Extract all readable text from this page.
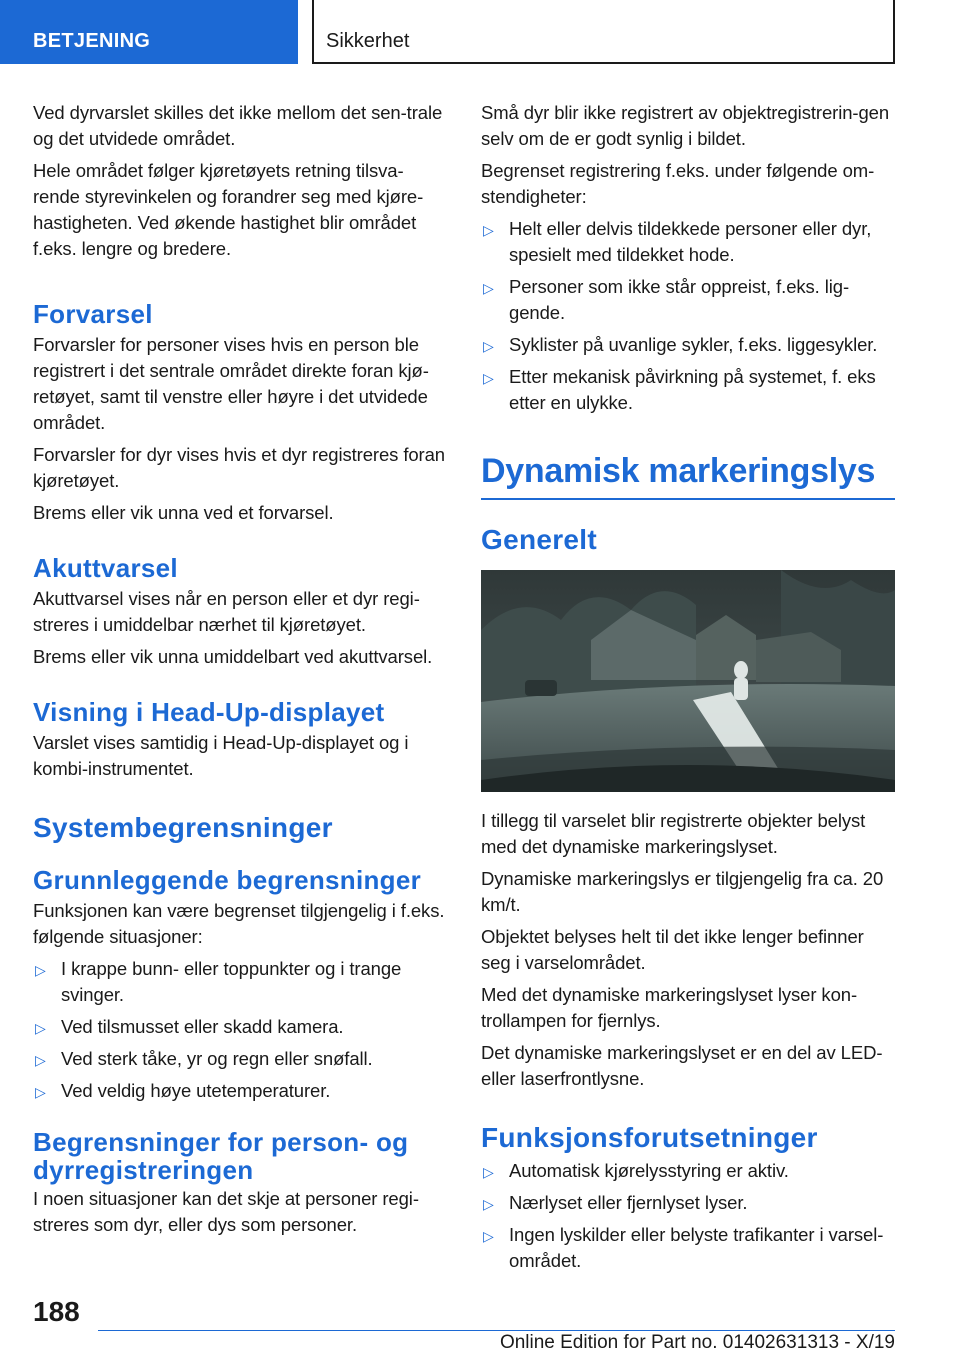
BETJENING	Sikkerhet

Ved dyrvarslet skilles det ikke mellom det sen-trale og det utvidede området.

Hele området følger kjøretøyets retning tilsva-rende styrevinkelen og forandrer seg med kjøre-hastigheten. Ved økende hastighet blir området f.eks. lengre og bredere.

Forvarsel

Forvarsler for personer vises hvis en person ble registrert i det sentrale området direkte foran kjø-retøyet, samt til venstre eller høyre i det utvidede området.

Forvarsler for dyr vises hvis et dyr registreres foran kjøretøyet.

Brems eller vik unna ved et forvarsel.

Akuttvarsel

Akuttvarsel vises når en person eller et dyr regi-streres i umiddelbar nærhet til kjøretøyet.

Brems eller vik unna umiddelbart ved akuttvarsel.

Visning i Head-Up-displayet

Varslet vises samtidig i Head-Up-displayet og i kombi-instrumentet.

Systembegrensninger
Grunnleggende begrensninger

Funksjonen kan være begrenset tilgjengelig i f.eks. følgende situasjoner:

▷ I krappe bunn- eller toppunkter og i trange svinger.
▷ Ved tilsmusset eller skadd kamera.
▷ Ved sterk tåke, yr og regn eller snøfall.
▷ Ved veldig høye utetemperaturer.
Begrensninger for person- og dyrregistreringen

I noen situasjoner kan det skje at personer regi-streres som dyr, eller dys som personer.

Små dyr blir ikke registrert av objektregistrerin-gen selv om de er godt synlig i bildet.

Begrenset registrering f.eks. under følgende om-stendigheter:

▷ Helt eller delvis tildekkede personer eller dyr, spesielt med tildekket hode.
▷ Personer som ikke står oppreist, f.eks. lig-gende.
▷ Syklister på uvanlige sykler, f.eks. liggesykler.
▷ Etter mekanisk påvirkning på systemet, f. eks etter en ulykke.
Dynamisk markeringslys
Generelt

I tillegg til varselet blir registrerte objekter belyst med det dynamiske markeringslyset.

Dynamiske markeringslys er tilgjengelig fra ca. 20 km/t.

Objektet belyses helt til det ikke lenger befinner seg i varselområdet.

Med det dynamiske markeringslyset lyser kon-trollampen for fjernlys.

Det dynamiske markeringslyset er en del av LED- eller laserfrontlysne.

Funksjonsforutsetninger
▷ Automatisk kjørelysstyring er aktiv.
▷ Nærlyset eller fjernlyset lyser.
▷ Ingen lyskilder eller belyste trafikanter i varsel-området.
188
Online Edition for Part no. 01402631313 - X/19
